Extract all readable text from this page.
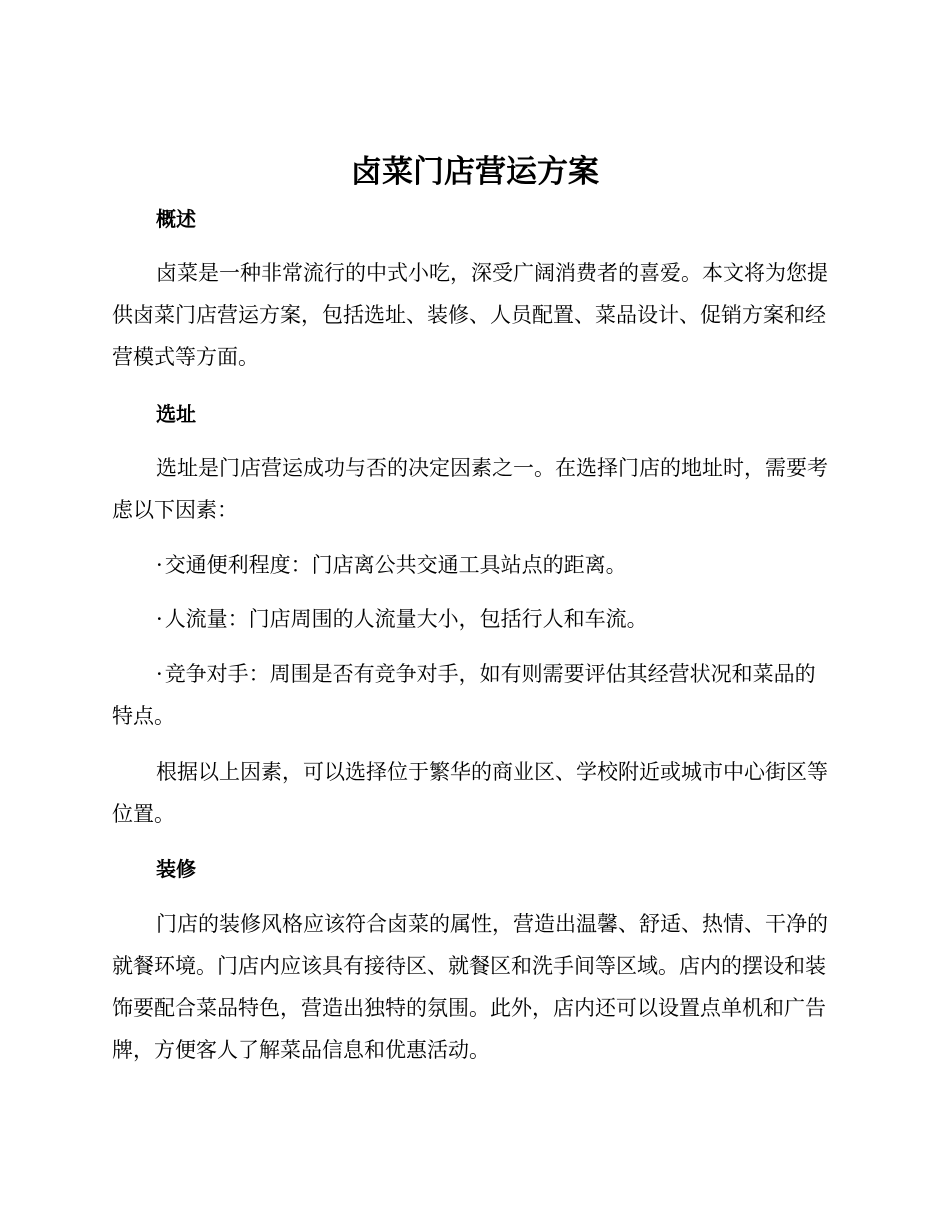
卤菜门店营运方案
概述

卤菜是一种非常流行的中式小吃，深受广阔消费者的喜爱。本文将为您提供卤菜门店营运方案，包括选址、装修、人员配置、菜品设计、促销方案和经营模式等方面。

选址

选址是门店营运成功与否的决定因素之一。在选择门店的地址时，需要考虑以下因素：

·交通便利程度：门店离公共交通工具站点的距离。

·人流量：门店周围的人流量大小，包括行人和车流。

·竞争对手：周围是否有竞争对手，如有则需要评估其经营状况和菜品的特点。

根据以上因素，可以选择位于繁华的商业区、学校附近或城市中心街区等位置。

装修

门店的装修风格应该符合卤菜的属性，营造出温馨、舒适、热情、干净的就餐环境。门店内应该具有接待区、就餐区和洗手间等区域。店内的摆设和装饰要配合菜品特色，营造出独特的氛围。此外，店内还可以设置点单机和广告牌，方便客人了解菜品信息和优惠活动。
